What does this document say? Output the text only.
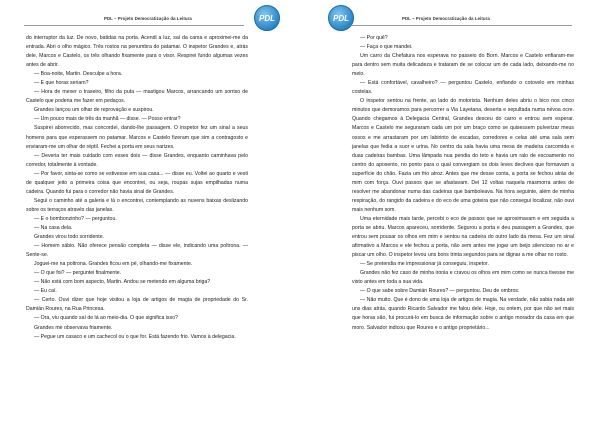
PDL – Projeto Democratização da Leitura	PDL

do interruptor da luz. De novo, batidas na porta. Acendi a luz, saí da cama e aproximei-me da entrada. Abri o olho mágico. Três rostos na penumbra do patamar. O inspetor Grandes e, atrás dele, Marcos e Castelo, os três olhando fixamente para o visor. Respirei fundo algumas vezes antes de abrir.

— Boa-noite, Martin. Desculpe a hora.

— E que horas seriam?

— Hora de mexer o traseiro, filho da puta — mastigou Marcos, arrancando um sorriso de Castelo que poderia me fazer em pedaços.

Grandes lançou um olhar de reprovação e suspirou.

— Um pouco mais de três da manhã — disse. — Posso entrar?

Suspirei aborrecido, mas concordei, dando-lhe passagem. O inspetor fez um sinal a seus homens para que esperassem no patamar. Marcos e Castelo fizeram que sim a contragosto e enviaram-me um olhar de réptil. Fechei a porta em seus narizes.

— Deveria ter mais cuidado com esses dois — disse Grandes, enquanto caminhava pelo corredor, totalmente à vontade.

— Por favor, sinta-se como se estivesse em sua casa... — disse eu. Voltei ao quarto e vesti de qualquer jeito a primeira coisa que encontrei, ou seja, roupas sujas empilhadas numa cadeira. Quando fui para o corredor não havia sinal de Grandes.

Segui o caminho até a galeria e lá o encontrei, contemplando as nuvens baixas deslizando sobre os terraços através das janelas.

— E o bombonzinho? — perguntou.

— Na casa dela.

Grandes virou todo sorridente.

— Homem sábio. Não oferece pensão completa — disse ele, indicando uma poltrona. — Sente-se.

Joguei-me na poltrona. Grandes ficou em pé, olhando-me fixamente.

— O que foi? — perguntei finalmente.

— Não está com bom aspecto, Martin. Andou se metendo em alguma briga?

— Eu caí.

— Certo. Ouvi dizer que hoje visitou a loja de artigos de magia de propriedade do Sr. Damián Roures, na Rua Princesa.

— Ora, viu quando saí de lá ao meio-dia. O que significa isso?

Grandes me observava friamente.

— Pegue um casaco e um cachecol ou o que for. Está fazendo frio. Vamos à delegacia.

PDL	PDL – Projeto Democratização da Leitura

— Por quê?

— Faça o que mandei.

Um carro da Chefatura nos esperava no passeio do Born. Marcos e Castelo enfiaram-me para dentro sem muita delicadeza e trataram de se colocar um de cada lado, deixando-me no meio.

— Está confortável, cavalheiro? — perguntou Castelo, enfiando o cotovelo em minhas costelas.

O inspetor sentou na frente, ao lado do motorista. Nenhum deles abriu o bico nos cinco minutos que demoramos para percorrer a Via Layetana, deserta e sepultada numa névoa ocre. Quando chegamos à Delegacia Central, Grandes desceu do carro e entrou sem esperar. Marcos e Castelo me seguraram cada um por um braço como se quisessem pulverizar meus ossos e me arrastaram por um labirinto de escadas, corredores e celas até uma sala sem janelas que fedia a suor e urina. No centro da sala havia uma mesa de madeira carcomida e duas cadeiras bambas. Uma lâmpada nua pendia do teto e havia um ralo de escoamento no centro do aposento, no ponto para o qual convergiam os dois leves declives que formavam a superfície do chão. Fazia um frio atroz. Antes que me desse conta, a porta se fechou atrás de mim com força. Ouvi passos que se afastavam. Dei 12 voltas naquela masmorra antes de resolver me abandonar numa das cadeiras que bamboleava. Na hora seguinte, além de minha respiração, do rangido da cadeira e do eco de uma goteira que não consegui localizar, não ouvi mais nenhum som.

Uma eternidade mais tarde, percebi o eco de passos que se aproximavam e em seguida a porta se abriu. Marcos apareceu, sorridente. Segurou a porta e deu passagem a Grandes, que entrou sem pousar os olhos em mim e sentou na cadeira do outro lado da mesa. Fez um sinal afirmativo a Marcos e ele fechou a porta, não sem antes me jogar um beijo silencioso no ar e piscar um olho. O inspetor levou uns bons trinta segundos para se dignar a me olhar no rosto.

— Se pretendia me impressionar já conseguiu, inspetor.

Grandes não fez caso de minha ironia e cravou os olhos em mim como se nunca tivesse me visto antes em toda a sua vida.

— O que sabe sobre Damián Roures? — perguntou. Deu de ombros.

— Não muito. Que é dono de uma loja de artigos de magia. Na verdade, não sabia nada até uns dias atrás, quando Ricardo Salvador me falou dele. Hoje, ou ontem, por que não sei mais que horas são, fui procurá-lo em busca de informação sobre o antigo morador da casa em que moro. Salvador indicou que Roures e o antigo proprietário...
